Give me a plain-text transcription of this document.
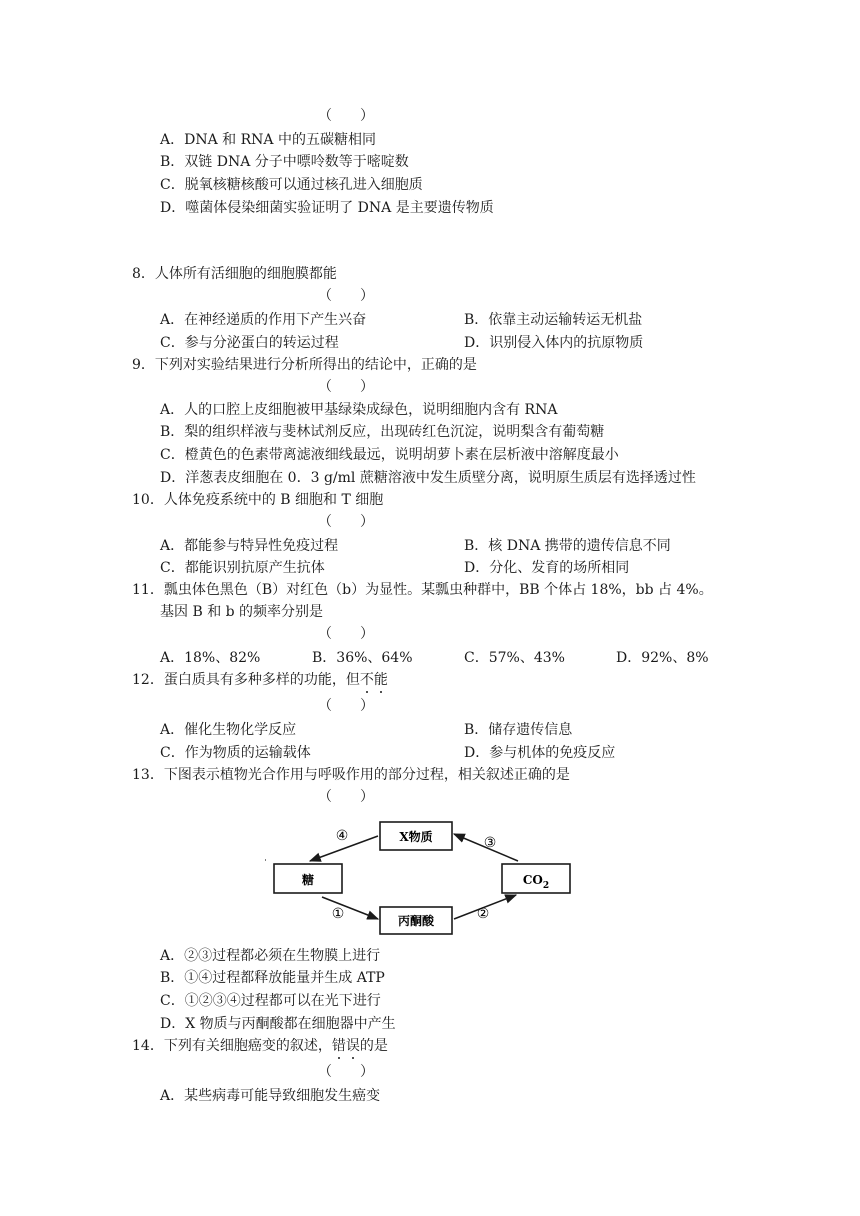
（　　）
A．DNA 和 RNA 中的五碳糖相同
B．双链 DNA 分子中嘌呤数等于嘧啶数
C．脱氧核糖核酸可以通过核孔进入细胞质
D．噬菌体侵染细菌实验证明了 DNA 是主要遗传物质
8．人体所有活细胞的细胞膜都能
（　　）
A．在神经递质的作用下产生兴奋	B．依靠主动运输转运无机盐
C．参与分泌蛋白的转运过程	D．识别侵入体内的抗原物质
9．下列对实验结果进行分析所得出的结论中，正确的是
（　　）
A．人的口腔上皮细胞被甲基绿染成绿色，说明细胞内含有 RNA
B．梨的组织样液与斐林试剂反应，出现砖红色沉淀，说明梨含有葡萄糖
C．橙黄色的色素带离滤液细线最远，说明胡萝卜素在层析液中溶解度最小
D．洋葱表皮细胞在 0．3 g/ml 蔗糖溶液中发生质壁分离，说明原生质层有选择透过性
10．人体免疫系统中的 B 细胞和 T 细胞
（　　）
A．都能参与特异性免疫过程	B．核 DNA 携带的遗传信息不同
C．都能识别抗原产生抗体	D．分化、发育的场所相同
11．瓢虫体色黑色（B）对红色（b）为显性。某瓢虫种群中，BB 个体占 18%，bb 占 4%。
基因 B 和 b 的频率分别是
（　　）
A．18%、82%	B．36%、64%	C．57%、43%	D．92%、8%
12．蛋白质具有多种多样的功能，但不能
（　　）
A．催化生物化学反应	B．储存遗传信息
C．作为物质的运输载体	D．参与机体的免疫反应
13．下图表示植物光合作用与呼吸作用的部分过程，相关叙述正确的是
（　　）
X物质
糖	$CO_2$
丙酮酸
④
①	②
③
A．②③过程都必须在生物膜上进行
B．①④过程都释放能量并生成 ATP
C．①②③④过程都可以在光下进行
D．X 物质与丙酮酸都在细胞器中产生
14．下列有关细胞癌变的叙述，错误的是
（　　）
A．某些病毒可能导致细胞发生癌变
